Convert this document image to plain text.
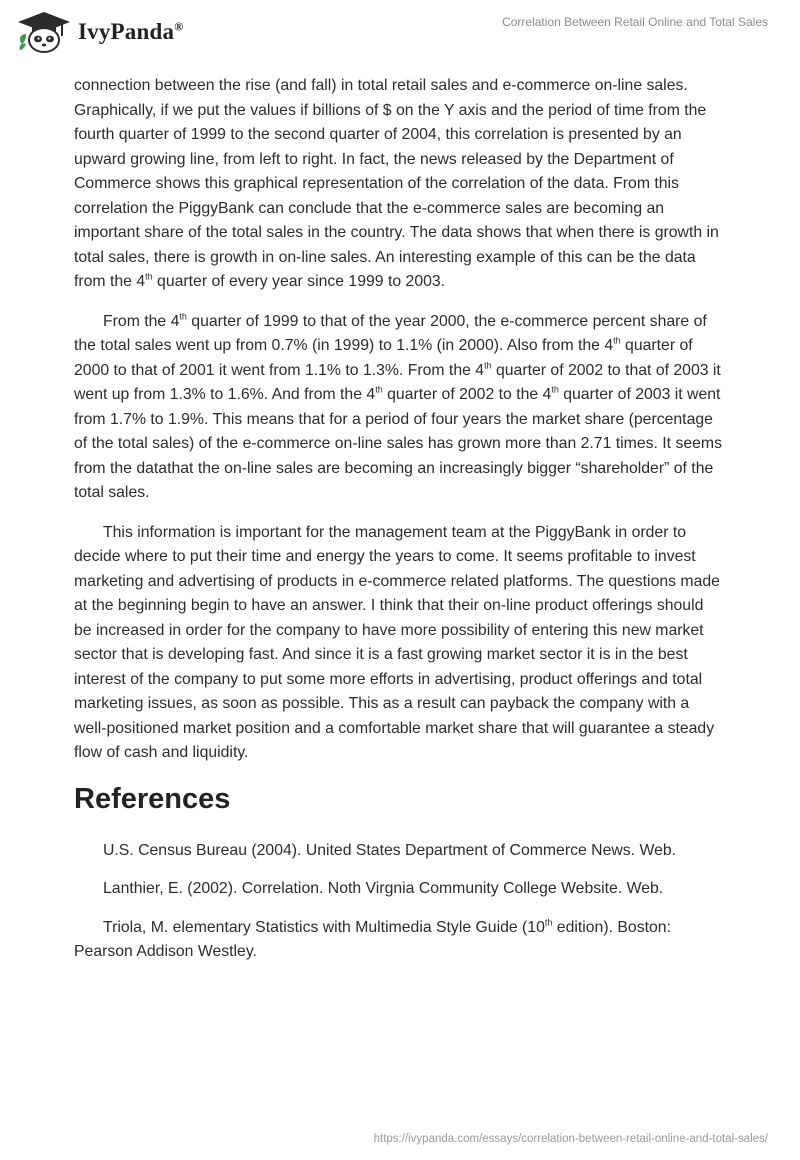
IvyPanda®	Correlation Between Retail Online and Total Sales

connection between the rise (and fall) in total retail sales and e-commerce on-line sales. Graphically, if we put the values if billions of $ on the Y axis and the period of time from the fourth quarter of 1999 to the second quarter of 2004, this correlation is presented by an upward growing line, from left to right. In fact, the news released by the Department of Commerce shows this graphical representation of the correlation of the data. From this correlation the PiggyBank can conclude that the e-commerce sales are becoming an important share of the total sales in the country. The data shows that when there is growth in total sales, there is growth in on-line sales. An interesting example of this can be the data from the 4th quarter of every year since 1999 to 2003.

From the 4th quarter of 1999 to that of the year 2000, the e-commerce percent share of the total sales went up from 0.7% (in 1999) to 1.1% (in 2000). Also from the 4th quarter of 2000 to that of 2001 it went from 1.1% to 1.3%. From the 4th quarter of 2002 to that of 2003 it went up from 1.3% to 1.6%. And from the 4th quarter of 2002 to the 4th quarter of 2003 it went from 1.7% to 1.9%. This means that for a period of four years the market share (percentage of the total sales) of the e-commerce on-line sales has grown more than 2.71 times. It seems from the datathat the on-line sales are becoming an increasingly bigger “shareholder” of the total sales.

This information is important for the management team at the PiggyBank in order to decide where to put their time and energy the years to come. It seems profitable to invest marketing and advertising of products in e-commerce related platforms. The questions made at the beginning begin to have an answer. I think that their on-line product offerings should be increased in order for the company to have more possibility of entering this new market sector that is developing fast. And since it is a fast growing market sector it is in the best interest of the company to put some more efforts in advertising, product offerings and total marketing issues, as soon as possible. This as a result can payback the company with a well-positioned market position and a comfortable market share that will guarantee a steady flow of cash and liquidity.

References

U.S. Census Bureau (2004). United States Department of Commerce News. Web.

Lanthier, E. (2002). Correlation. Noth Virgnia Community College Website. Web.

Triola, M. elementary Statistics with Multimedia Style Guide (10th edition). Boston: Pearson Addison Westley.

https://ivypanda.com/essays/correlation-between-retail-online-and-total-sales/
